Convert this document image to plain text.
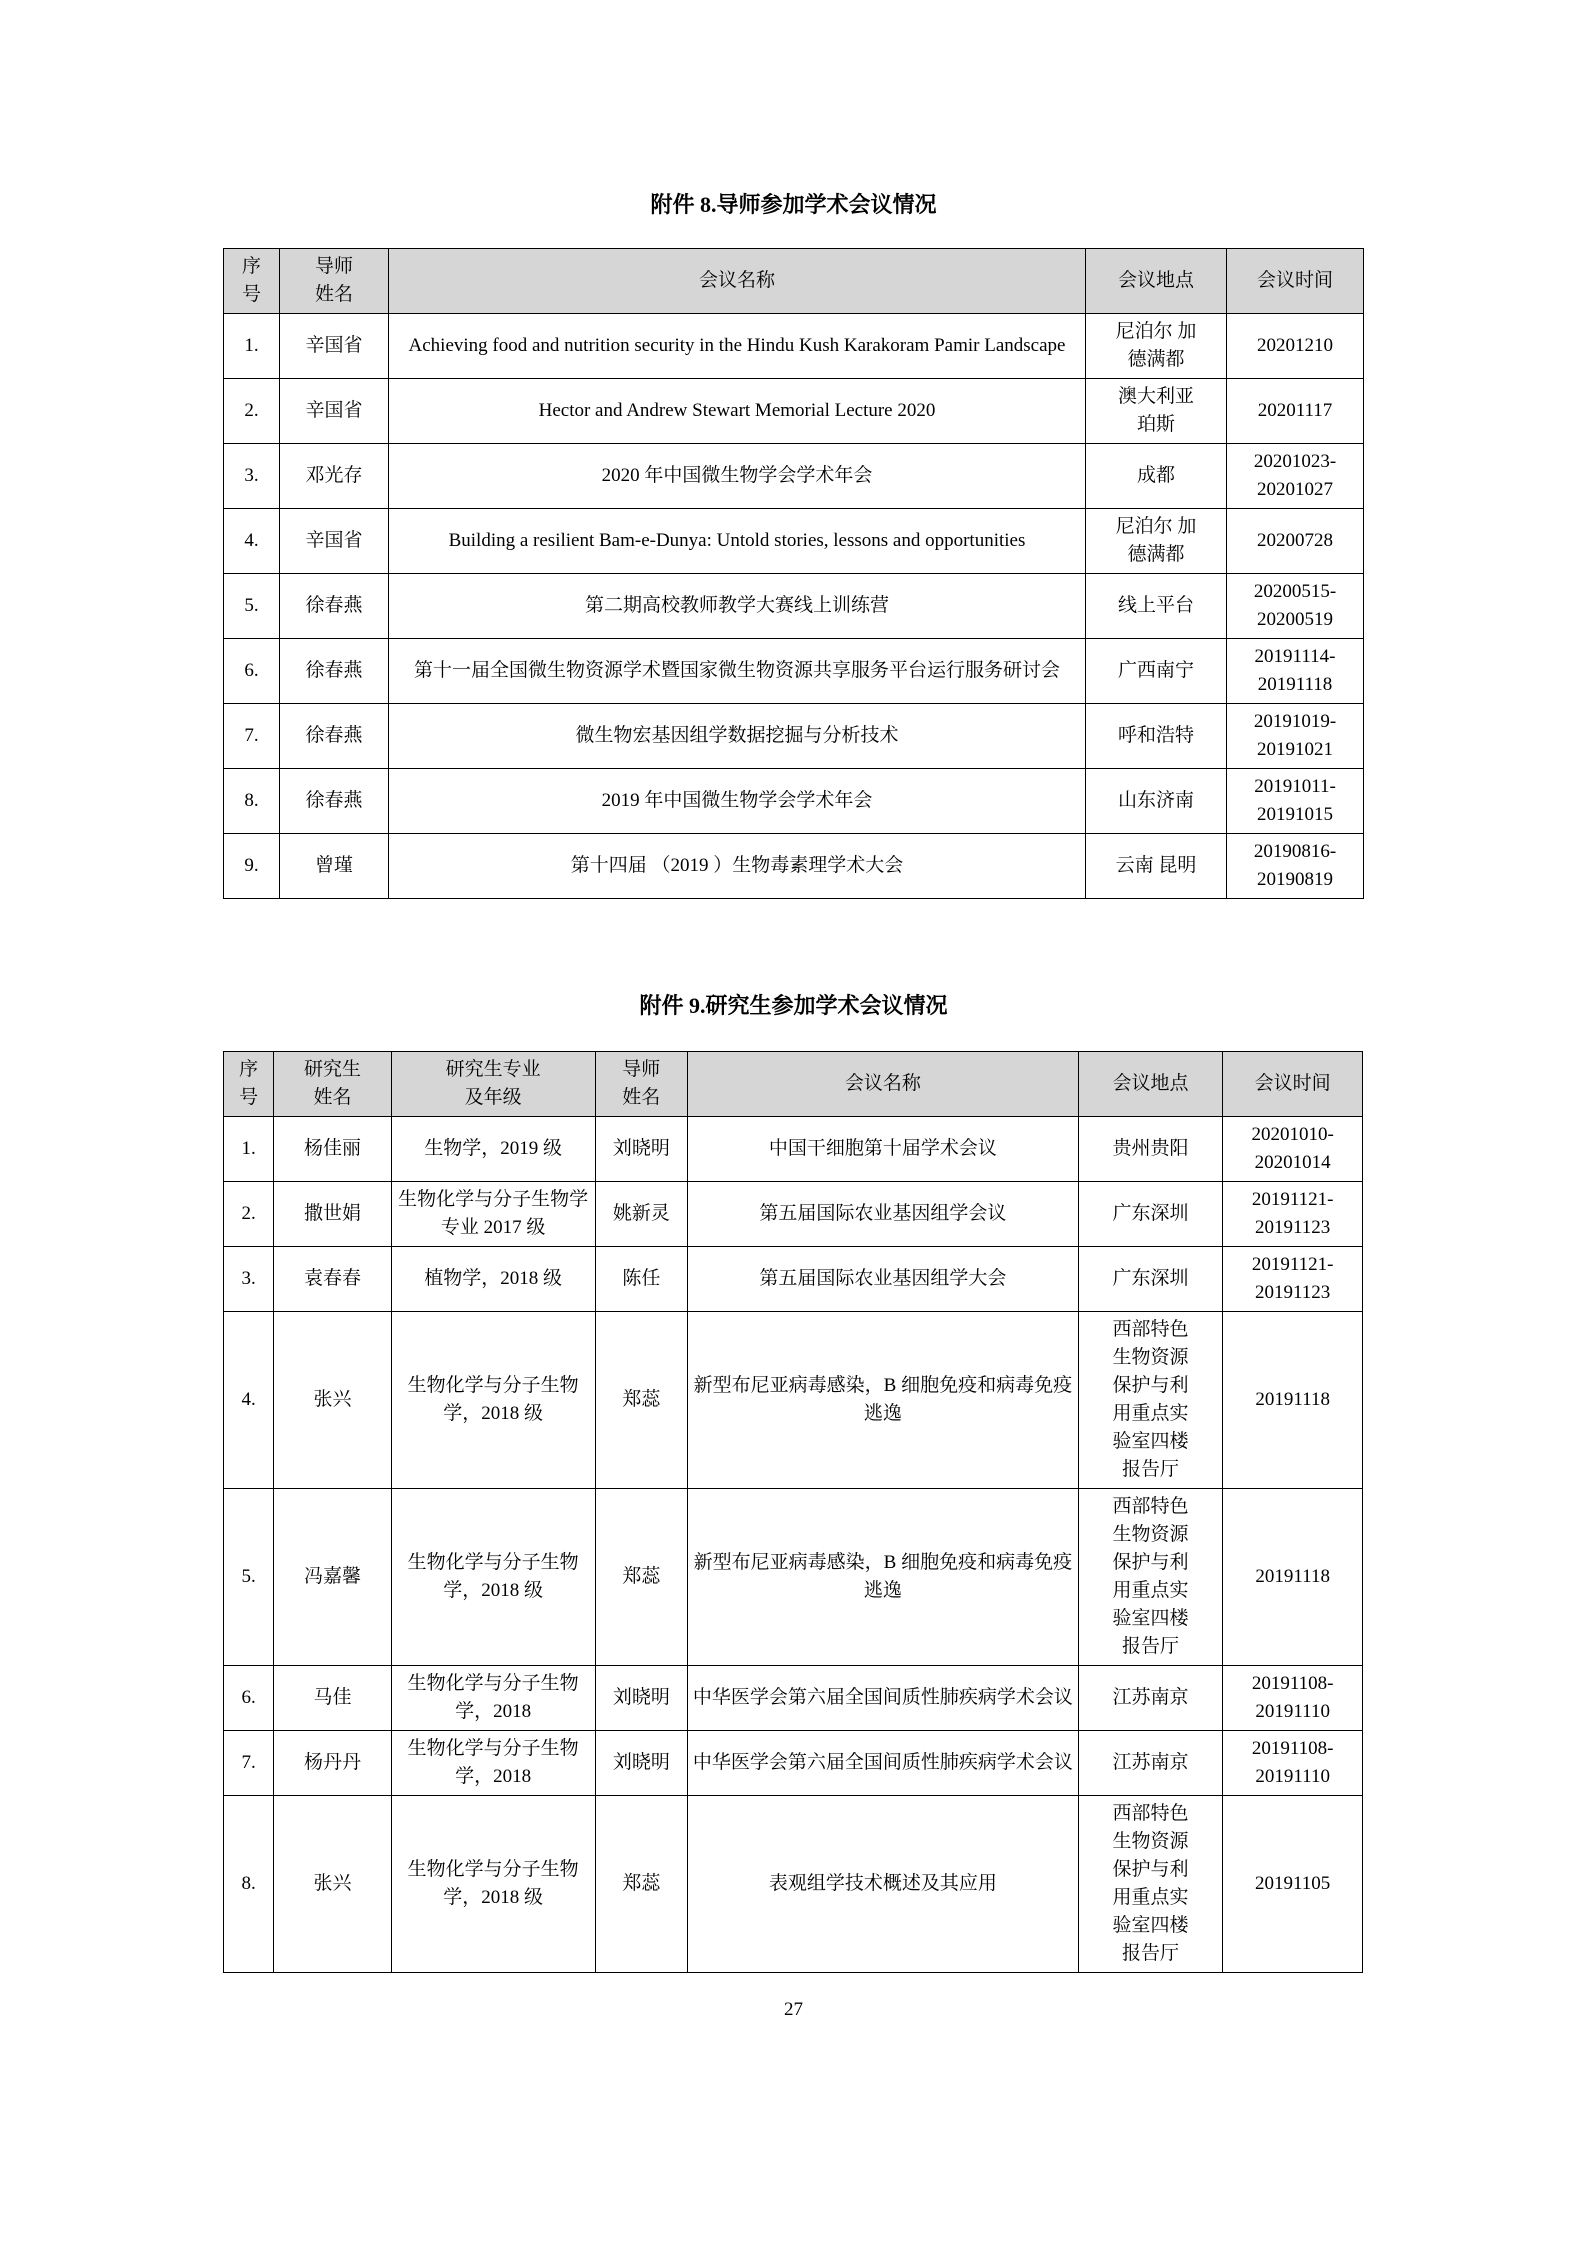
附件 8.导师参加学术会议情况
序号	导师姓名	会议名称	会议地点	会议时间
1.	辛国省	Achieving food and nutrition security in the Hindu Kush Karakoram Pamir Landscape	尼泊尔 加德满都	20201210
2.	辛国省	Hector and Andrew Stewart Memorial Lecture 2020	澳大利亚珀斯	20201117
3.	邓光存	2020 年中国微生物学会学术年会	成都	20201023-20201027
4.	辛国省	Building a resilient Bam-e-Dunya: Untold stories, lessons and opportunities	尼泊尔 加德满都	20200728
5.	徐春燕	第二期高校教师教学大赛线上训练营	线上平台	20200515-20200519
6.	徐春燕	第十一届全国微生物资源学术暨国家微生物资源共享服务平台运行服务研讨会	广西南宁	20191114-20191118
7.	徐春燕	微生物宏基因组学数据挖掘与分析技术	呼和浩特	20191019-20191021
8.	徐春燕	2019 年中国微生物学会学术年会	山东济南	20191011-20191015
9.	曾瑾	第十四届 （2019 ）生物毒素理学术大会	云南 昆明	20190816-20190819
附件 9.研究生参加学术会议情况
序号	研究生姓名	研究生专业及年级	导师姓名	会议名称	会议地点	会议时间
1.	杨佳丽	生物学，2019 级	刘晓明	中国干细胞第十届学术会议	贵州贵阳	20201010-20201014
2.	撒世娟	生物化学与分子生物学专业 2017 级	姚新灵	第五届国际农业基因组学会议	广东深圳	20191121-20191123
3.	袁春春	植物学，2018 级	陈任	第五届国际农业基因组学大会	广东深圳	20191121-20191123
4.	张兴	生物化学与分子生物学，2018 级	郑蕊	新型布尼亚病毒感染，B 细胞免疫和病毒免疫逃逸	西部特色生物资源保护与利用重点实验室四楼报告厅	20191118
5.	冯嘉馨	生物化学与分子生物学，2018 级	郑蕊	新型布尼亚病毒感染，B 细胞免疫和病毒免疫逃逸	西部特色生物资源保护与利用重点实验室四楼报告厅	20191118
6.	马佳	生物化学与分子生物学，2018	刘晓明	中华医学会第六届全国间质性肺疾病学术会议	江苏南京	20191108-20191110
7.	杨丹丹	生物化学与分子生物学，2018	刘晓明	中华医学会第六届全国间质性肺疾病学术会议	江苏南京	20191108-20191110
8.	张兴	生物化学与分子生物学，2018 级	郑蕊	表观组学技术概述及其应用	西部特色生物资源保护与利用重点实验室四楼报告厅	20191105
27
